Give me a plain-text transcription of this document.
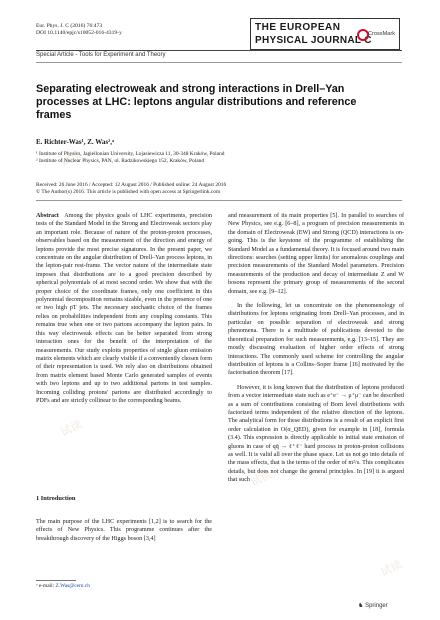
试读
试读
试读
试读
试读
试读
试读
Eur. Phys. J. C (2016) 76:473
DOI 10.1140/epjc/s10052-016-4319-y
THE EUROPEAN
PHYSICAL JOURNAL C
CrossMark
Special Article - Tools for Experiment and Theory
Separating electroweak and strong interactions in Drell–Yan processes at LHC: leptons angular distributions and reference frames
E. Richter-Was¹, Z. Was²,ᵃ
¹ Institute of Physics, Jagiellonian University, Lojasiewicza 11, 30-348 Kraków, Poland
² Institute of Nuclear Physics, PAN, ul. Radzikowskiego 152, Kraków, Poland
Received: 26 June 2016 / Accepted: 12 August 2016 / Published online: 24 August 2016
© The Author(s) 2016. This article is published with open access at Springerlink.com

Abstract Among the physics goals of LHC experiments, precision tests of the Standard Model in the Strong and Electroweak sectors play an important role. Because of nature of the proton-proton processes, observables based on the measurement of the direction and energy of leptons provide the most precise signatures. In the present paper, we concentrate on the angular distribution of Drell–Yan process leptons, in the lepton-pair rest-frame. The vector nature of the intermediate state imposes that distributions are to a good precision described by spherical polynomials of at most second order. We show that with the proper choice of the coordinate frames, only one coefficient in this polynomial decomposition remains sizable, even in the presence of one or two high pT jets. The necessary stochastic choice of the frames relies on probabilities independent from any coupling constants. This remains true when one or two partons accompany the lepton pairs. In this way electroweak effects can be better separated from strong interaction ones for the benefit of the interpretation of the measurements. Our study exploits properties of single gluon emission matrix elements which are clearly visible if a conveniently chosen form of their representation is used. We rely also on distributions obtained from matrix element based Monte Carlo generated samples of events with two leptons and up to two additional partons in test samples. Incoming colliding protons' partons are distributed accordingly to PDFs and are strictly collinear to the corresponding beams.

1 Introduction

The main purpose of the LHC experiments [1,2] is to search for the effects of New Physics. This programme continues after the breakthrough discovery of the Higgs boson [3,4]

and measurement of its main properties [5]. In parallel to searches of New Physics, see e.g. [6–8], a program of precision measurements in the domain of Electroweak (EW) and Strong (QCD) interactions is on-going. This is the keystone of the programme of establishing the Standard Model as a fundamental theory. It is focused around two main directions: searches (setting upper limits) for anomalous couplings and precision measurements of the Standard Model parameters. Precision measurements of the production and decay of intermediate Z and W bosons represent the primary group of measurements of the second domain, see e.g. [9–12].

In the following, let us concentrate on the phenomenology of distributions for leptons originating from Drell–Yan processes, and in particular on possible separation of electroweak and strong phenomena. There is a multitude of publications devoted to the theoretical preparation for such measurements, e.g. [13–15]. They are mostly discussing evaluation of higher order effects of strong interactions. The commonly used scheme for controlling the angular distribution of leptons is a Collins–Soper frame [16] motivated by the factorisation theorem [17].

However, it is long known that the distribution of leptons produced from a vector intermediate state such as e⁺e⁻ → μ⁺μ⁻ can be described as a sum of contributions consisting of Born level distributions with factorized terms independent of the relative direction of the leptons. The analytical form for these distributions is a result of an explicit first order calculation in O(α_QED), given for example in [18], formula (3.4). This expression is directly applicable to initial state emission of gluons in case of qq̄ → ℓ⁺ℓ⁻ hard process in proton-proton collisions as well. It is valid all over the phase space. Let us not go into details of the mass effects, that is the terms of the order of m²/s. This complicates details, but does not change the general principles. In [19] it is argued that such

ᵃ e-mail: Z.Was@cern.ch
♞ Springer
